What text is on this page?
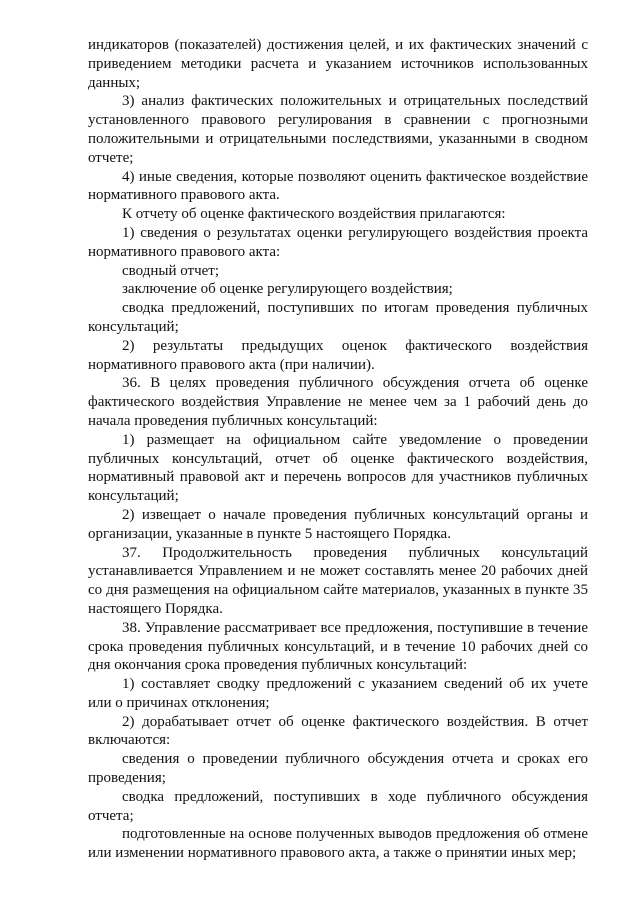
индикаторов (показателей) достижения целей, и их фактических значений с приведением методики расчета и указанием источников использованных данных;

3) анализ фактических положительных и отрицательных последствий установленного правового регулирования в сравнении с прогнозными положительными и отрицательными последствиями, указанными в сводном отчете;

4) иные сведения, которые позволяют оценить фактическое воздействие нормативного правового акта.

К отчету об оценке фактического воздействия прилагаются:

1) сведения о результатах оценки регулирующего воздействия проекта нормативного правового акта:

сводный отчет;

заключение об оценке регулирующего воздействия;

сводка предложений, поступивших по итогам проведения публичных консультаций;

2) результаты предыдущих оценок фактического воздействия нормативного правового акта (при наличии).

36. В целях проведения публичного обсуждения отчета об оценке фактического воздействия Управление не менее чем за 1 рабочий день до начала проведения публичных консультаций:

1) размещает на официальном сайте уведомление о проведении публичных консультаций, отчет об оценке фактического воздействия, нормативный правовой акт и перечень вопросов для участников публичных консультаций;

2) извещает о начале проведения публичных консультаций органы и организации, указанные в пункте 5 настоящего Порядка.

37. Продолжительность проведения публичных консультаций устанавливается Управлением и не может составлять менее 20 рабочих дней со дня размещения на официальном сайте материалов, указанных в пункте 35 настоящего Порядка.

38. Управление рассматривает все предложения, поступившие в течение срока проведения публичных консультаций, и в течение 10 рабочих дней со дня окончания срока проведения публичных консультаций:

1) составляет сводку предложений с указанием сведений об их учете или о причинах отклонения;

2) дорабатывает отчет об оценке фактического воздействия. В отчет включаются:

сведения о проведении публичного обсуждения отчета и сроках его проведения;

сводка предложений, поступивших в ходе публичного обсуждения отчета;

подготовленные на основе полученных выводов предложения об отмене или изменении нормативного правового акта, а также о принятии иных мер;
